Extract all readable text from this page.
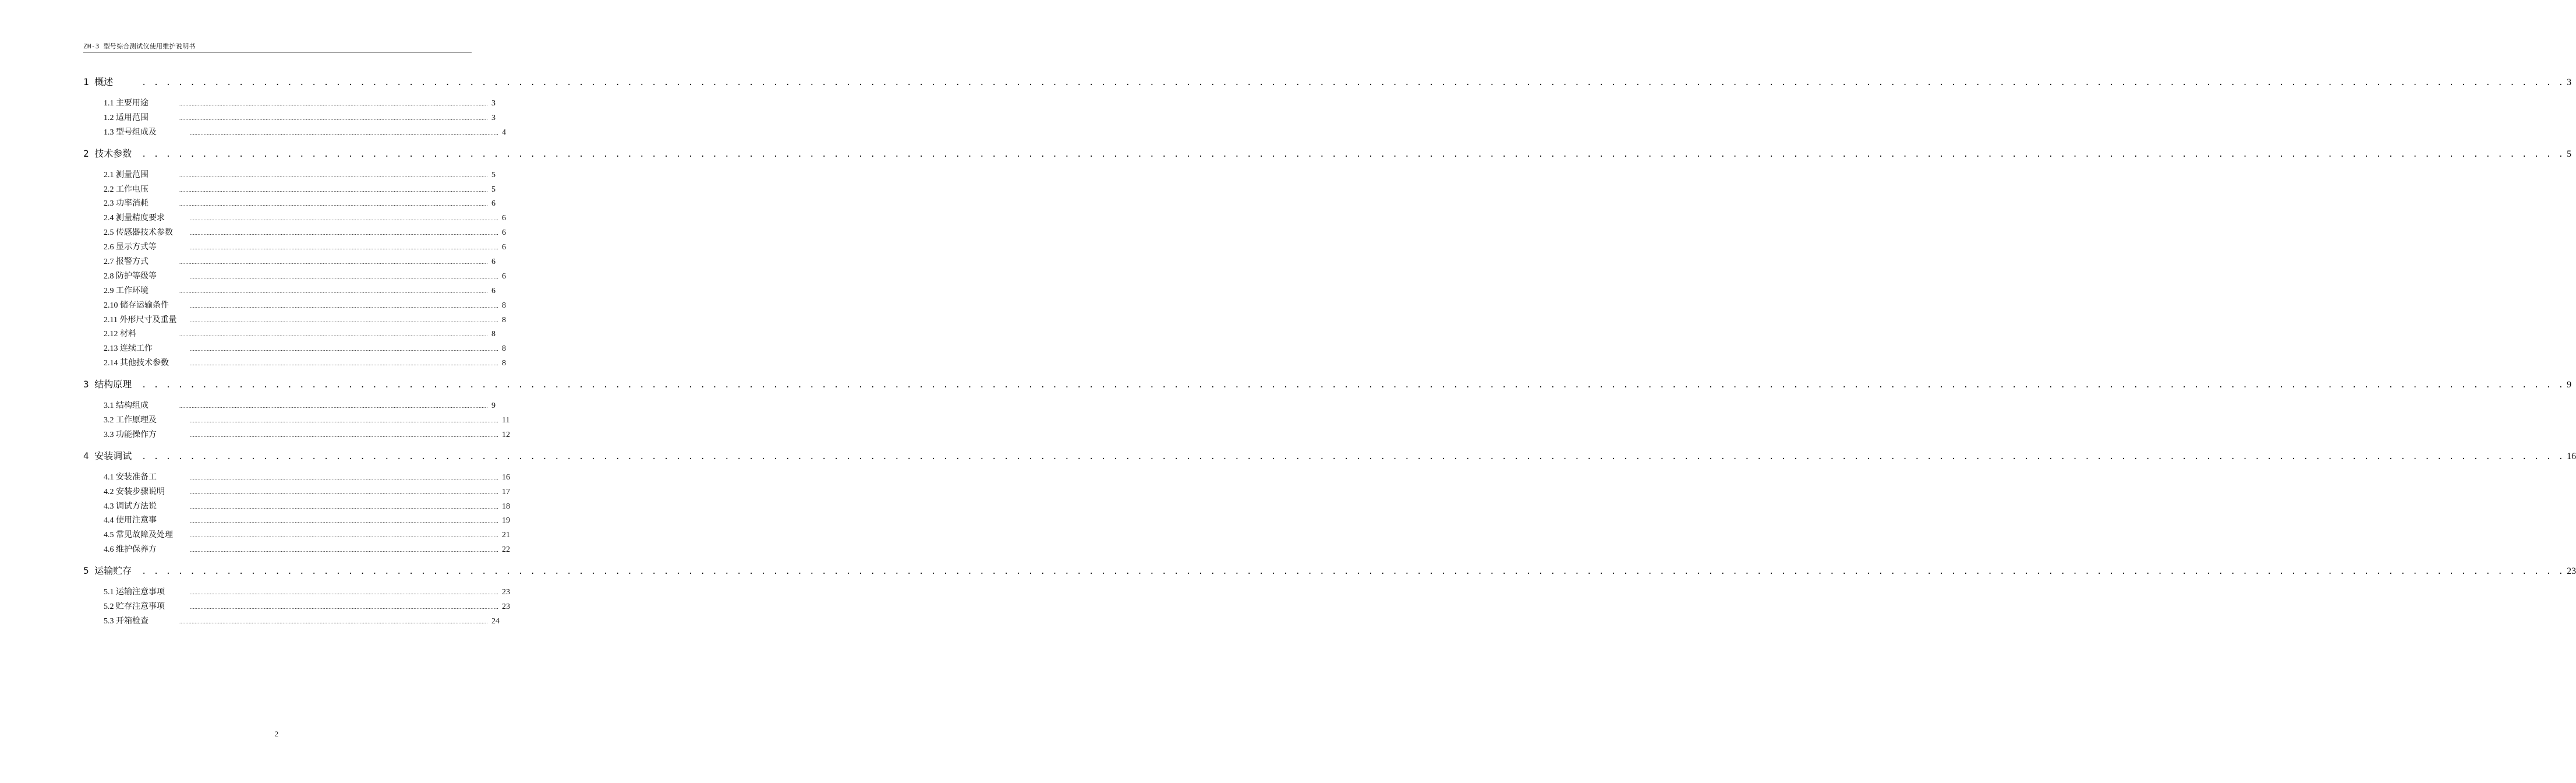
ZH-3 型号综合测试仪使用维护说明书
1 概述	. . . . . . . . . . . . . . . . . . . . . . . . . . . . . . . . . . . . . . . . . . . . . . . . . . . . . . . . . . . . . . . . . . . . . . . . . . . . . . . . . . . . . . . . . . . . . . . . . . . . . . . . . . . . . . . . . . . . . . . . . . . . . . . . . . . . . . . . . . . . . . . . . . . . . . . . . . . . . . . . . . . . . . . . . . . . . . . . . . . . . . . . . . . . . . . . . . . . . . . . 3
1.1 主要用途	........................................................................................................................................................................................................ 3
1.2 适用范围	........................................................................................................................................................................................................ 3
1.3 型号组成及	........................................................................................................................................................................................................ 4
2 技术参数	. . . . . . . . . . . . . . . . . . . . . . . . . . . . . . . . . . . . . . . . . . . . . . . . . . . . . . . . . . . . . . . . . . . . . . . . . . . . . . . . . . . . . . . . . . . . . . . . . . . . . . . . . . . . . . . . . . . . . . . . . . . . . . . . . . . . . . . . . . . . . . . . . . . . . . . . . . . . . . . . . . . . . . . . . . . . . . . . . . . . . . . . . . . . . . . . . . . . . . . . 5
2.1 测量范围	........................................................................................................................................................................................................ 5
2.2 工作电压	........................................................................................................................................................................................................ 5
2.3 功率消耗	........................................................................................................................................................................................................ 6
2.4 测量精度要求	........................................................................................................................................................................................................ 6
2.5 传感器技术参数	........................................................................................................................................................................................................ 6
2.6 显示方式等	........................................................................................................................................................................................................ 6
2.7 报警方式	........................................................................................................................................................................................................ 6
2.8 防护等级等	........................................................................................................................................................................................................ 6
2.9 工作环境	........................................................................................................................................................................................................ 6
2.10 储存运输条件	........................................................................................................................................................................................................ 8
2.11 外形尺寸及重量	........................................................................................................................................................................................................ 8
2.12 材料	........................................................................................................................................................................................................ 8
2.13 连续工作	........................................................................................................................................................................................................ 8
2.14 其他技术参数	........................................................................................................................................................................................................ 8
3 结构原理	. . . . . . . . . . . . . . . . . . . . . . . . . . . . . . . . . . . . . . . . . . . . . . . . . . . . . . . . . . . . . . . . . . . . . . . . . . . . . . . . . . . . . . . . . . . . . . . . . . . . . . . . . . . . . . . . . . . . . . . . . . . . . . . . . . . . . . . . . . . . . . . . . . . . . . . . . . . . . . . . . . . . . . . . . . . . . . . . . . . . . . . . . . . . . . . . . . . . . . . . 9
3.1 结构组成	........................................................................................................................................................................................................ 9
3.2 工作原理及	........................................................................................................................................................................................................ 11
3.3 功能操作方	........................................................................................................................................................................................................ 12
4 安装调试	. . . . . . . . . . . . . . . . . . . . . . . . . . . . . . . . . . . . . . . . . . . . . . . . . . . . . . . . . . . . . . . . . . . . . . . . . . . . . . . . . . . . . . . . . . . . . . . . . . . . . . . . . . . . . . . . . . . . . . . . . . . . . . . . . . . . . . . . . . . . . . . . . . . . . . . . . . . . . . . . . . . . . . . . . . . . . . . . . . . . . . . . . . . . . . . . . . . . . . . . 16
4.1 安装准备工	........................................................................................................................................................................................................ 16
4.2 安装步骤说明	........................................................................................................................................................................................................ 17
4.3 调试方法说	........................................................................................................................................................................................................ 18
4.4 使用注意事	........................................................................................................................................................................................................ 19
4.5 常见故障及处理	........................................................................................................................................................................................................ 21
4.6 维护保养方	........................................................................................................................................................................................................ 22
5 运输贮存	. . . . . . . . . . . . . . . . . . . . . . . . . . . . . . . . . . . . . . . . . . . . . . . . . . . . . . . . . . . . . . . . . . . . . . . . . . . . . . . . . . . . . . . . . . . . . . . . . . . . . . . . . . . . . . . . . . . . . . . . . . . . . . . . . . . . . . . . . . . . . . . . . . . . . . . . . . . . . . . . . . . . . . . . . . . . . . . . . . . . . . . . . . . . . . . . . . . . . . . . 23
5.1 运输注意事项	........................................................................................................................................................................................................ 23
5.2 贮存注意事项	........................................................................................................................................................................................................ 23
5.3 开箱检查	........................................................................................................................................................................................................ 24
2
